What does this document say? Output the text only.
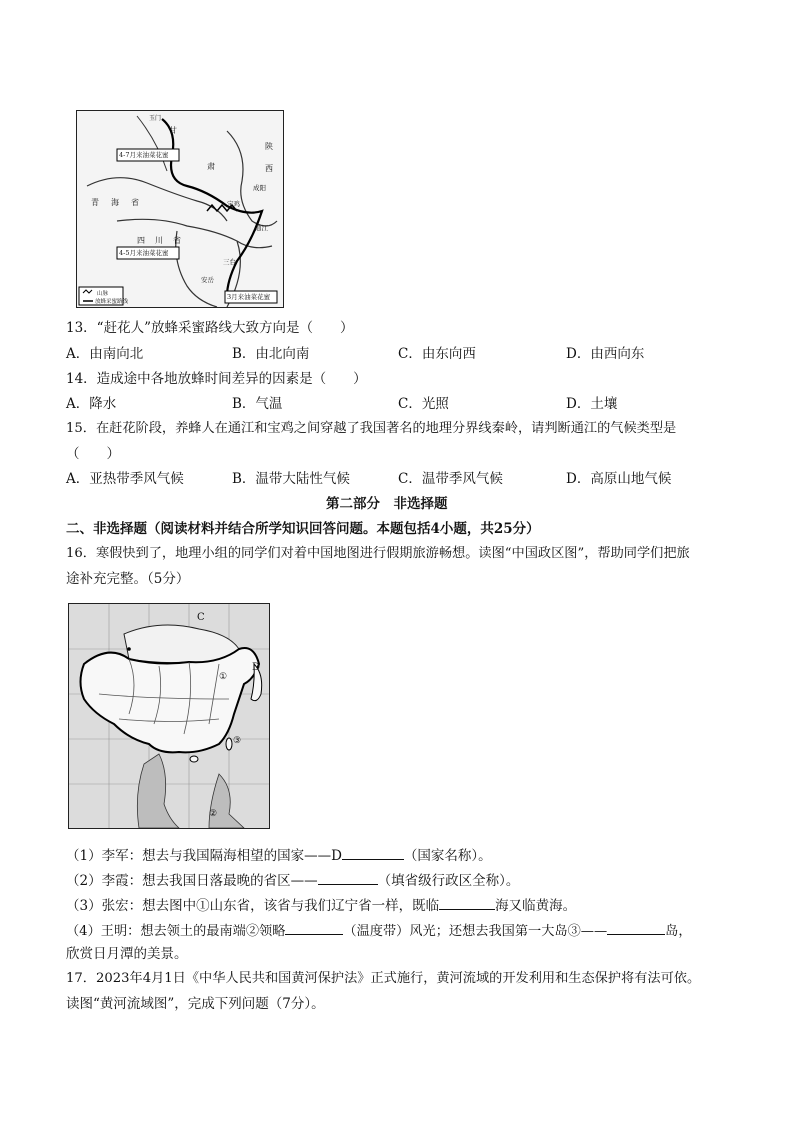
玉门
甘
4-7月来油菜花蜜
肃
青 海 省
陕
西
成阳
宝鸡
四 川 省
4-5月来油菜花蜜
通江
三台
安岳
3月来油菜花蜜
山脉
放蜂采蜜路线
13．“赶花人”放蜂采蜜路线大致方向是（　　）
A．由南向北	B．由北向南	C．由东向西	D．由西向东
14．造成途中各地放蜂时间差异的因素是（　　）
A．降水	B．气温	C．光照	D．土壤
15．在赶花阶段，养蜂人在通江和宝鸡之间穿越了我国著名的地理分界线秦岭，请判断通江的气候类型是
（　　）
A．亚热带季风气候	B．温带大陆性气候	C．温带季风气候	D．高原山地气候
第二部分　非选择题
二、非选择题（阅读材料并结合所学知识回答问题。本题包括4小题，共25分）
16．寒假快到了，地理小组的同学们对着中国地图进行假期旅游畅想。读图“中国政区图”，帮助同学们把旅
途补充完整。（5分）
C
D
①
②
③
（1）李军：想去与我国隔海相望的国家——D	（国家名称）。
（2）李霞：想去我国日落最晚的省区——	（填省级行政区全称）。
（3）张宏：想去图中①山东省，该省与我们辽宁省一样，既临	海又临黄海。
（4）王明：想去领土的最南端②领略	（温度带）风光；还想去我国第一大岛③——	岛，
欣赏日月潭的美景。
17．2023年4月1日《中华人民共和国黄河保护法》正式施行，黄河流域的开发利用和生态保护将有法可依。
读图“黄河流域图”，完成下列问题（7分）。
